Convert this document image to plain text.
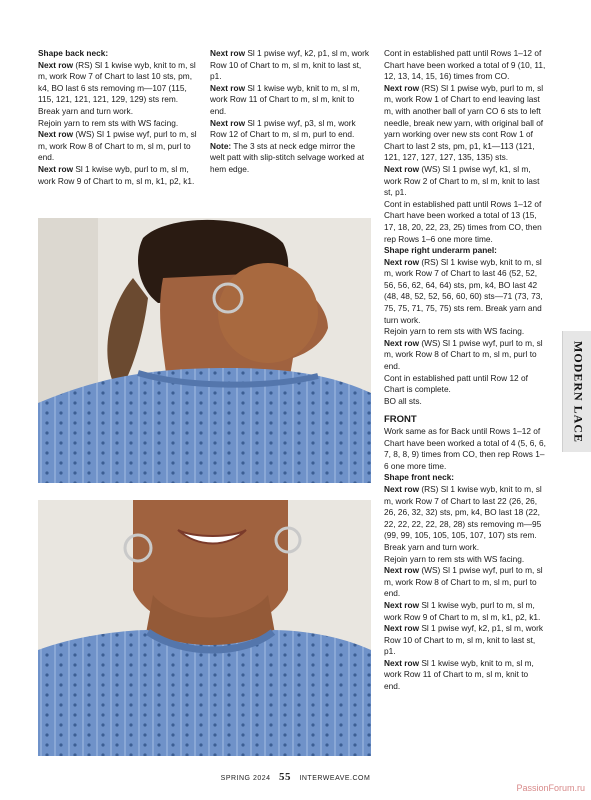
Shape back neck:

Next row (RS) Sl 1 kwise wyb, knit to m, sl m, work Row 7 of Chart to last 10 sts, pm, k4, BO last 6 sts removing m—107 (115, 115, 121, 121, 121, 129, 129) sts rem. Break yarn and turn work.

Rejoin yarn to rem sts with WS facing.

Next row (WS) Sl 1 pwise wyf, purl to m, sl m, work Row 8 of Chart to m, sl m, purl to end.

Next row Sl 1 kwise wyb, purl to m, sl m, work Row 9 of Chart to m, sl m, k1, p2, k1.

Next row Sl 1 pwise wyf, k2, p1, sl m, work Row 10 of Chart to m, sl m, knit to last st, p1.

Next row Sl 1 kwise wyb, knit to m, sl m, work Row 11 of Chart to m, sl m, knit to end.

Next row Sl 1 pwise wyf, p3, sl m, work Row 12 of Chart to m, sl m, purl to end.

Note: The 3 sts at neck edge mirror the welt patt with slip-stitch selvage worked at hem edge.

Cont in established patt until Rows 1–12 of Chart have been worked a total of 9 (10, 11, 12, 13, 14, 15, 16) times from CO.

Next row (RS) Sl 1 pwise wyb, purl to m, sl m, work Row 1 of Chart to end leaving last m, with another ball of yarn CO 6 sts to left needle, break new yarn, with original ball of yarn working over new sts cont Row 1 of Chart to last 2 sts, pm, p1, k1—113 (121, 121, 127, 127, 127, 135, 135) sts.

Next row (WS) Sl 1 pwise wyf, k1, sl m, work Row 2 of Chart to m, sl m, knit to last st, p1.

Cont in established patt until Rows 1–12 of Chart have been worked a total of 13 (15, 17, 18, 20, 22, 23, 25) times from CO, then rep Rows 1–6 one more time.

Shape right underarm panel:

Next row (RS) Sl 1 kwise wyb, knit to m, sl m, work Row 7 of Chart to last 46 (52, 52, 56, 56, 62, 64, 64) sts, pm, k4, BO last 42 (48, 48, 52, 52, 56, 60, 60) sts—71 (73, 73, 75, 75, 71, 75, 75) sts rem. Break yarn and turn work.

Rejoin yarn to rem sts with WS facing.

Next row (WS) Sl 1 pwise wyf, purl to m, sl m, work Row 8 of Chart to m, sl m, purl to end.

Cont in established patt until Row 12 of Chart is complete.

BO all sts.

FRONT

Work same as for Back until Rows 1–12 of Chart have been worked a total of 4 (5, 6, 6, 7, 8, 8, 9) times from CO, then rep Rows 1–6 one more time.

Shape front neck:

Next row (RS) Sl 1 kwise wyb, knit to m, sl m, work Row 7 of Chart to last 22 (26, 26, 26, 26, 32, 32) sts, pm, k4, BO last 18 (22, 22, 22, 22, 22, 28, 28) sts removing m—95 (99, 99, 105, 105, 105, 107, 107) sts rem. Break yarn and turn work.

Rejoin yarn to rem sts with WS facing.

Next row (WS) Sl 1 pwise wyf, purl to m, sl m, work Row 8 of Chart to m, sl m, purl to end.

Next row Sl 1 kwise wyb, purl to m, sl m, work Row 9 of Chart to m, sl m, k1, p2, k1.

Next row Sl 1 pwise wyf, k2, p1, sl m, work Row 10 of Chart to m, sl m, knit to last st, p1.

Next row Sl 1 kwise wyb, knit to m, sl m, work Row 11 of Chart to m, sl m, knit to end.

MODERN LACE
SPRING 2024 55 INTERWEAVE.COM
PassionForum.ru
